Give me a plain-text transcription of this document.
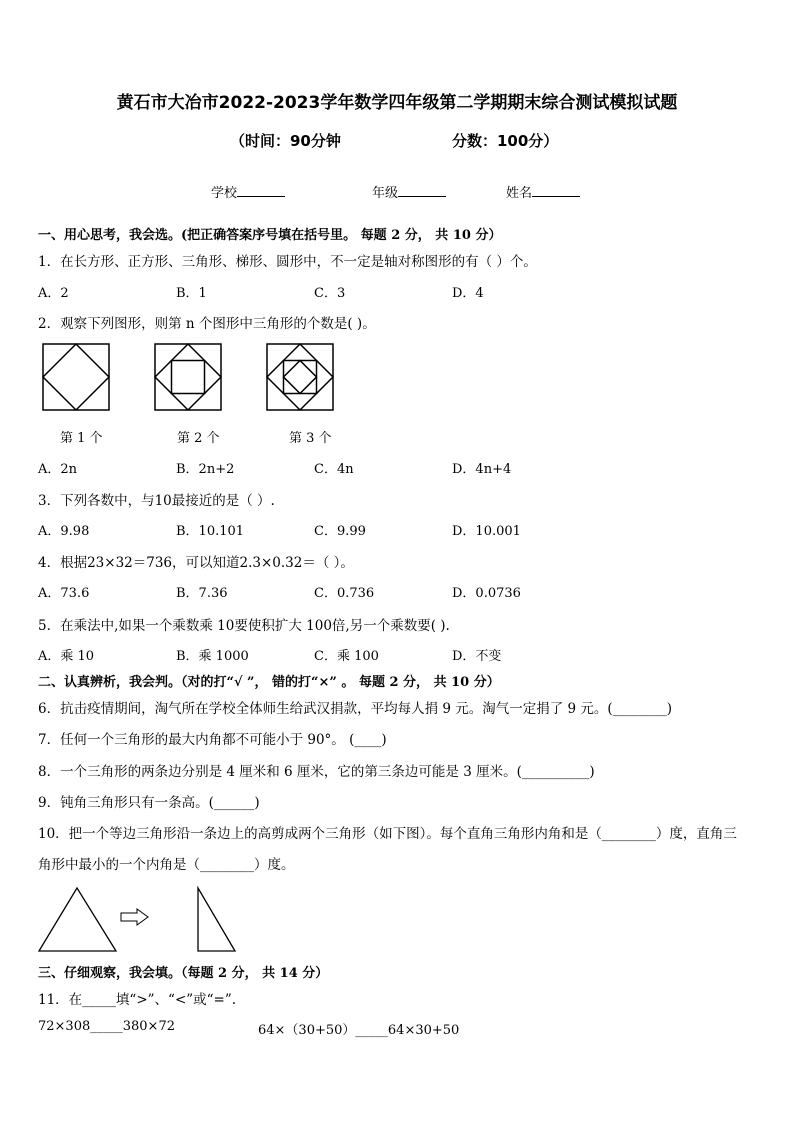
黄石市大冶市2022-2023学年数学四年级第二学期期末综合测试模拟试题
（时间：90分钟	分数：100分）
学校	年级	姓名
一、用心思考，我会选。(把正确答案序号填在括号里。 每题 2 分， 共 10 分）
1．在长方形、正方形、三角形、梯形、圆形中，不一定是轴对称图形的有（ ）个。
A．2	B．1	C．3	D．4
2．观察下列图形，则第 n 个图形中三角形的个数是( )。
第 1 个	第 2 个	第 3 个
A．2n	B．2n+2	C．4n	D．4n+4
3．下列各数中，与10最接近的是（ ）.
A．9.98	B．10.101	C．9.99	D．10.001
4．根据23×32＝736，可以知道2.3×0.32＝（ ）。
A．73.6	B．7.36	C．0.736	D．0.0736
5．在乘法中,如果一个乘数乘 10要使积扩大 100倍,另一个乘数要( ).
A．乘 10	B．乘 1000	C．乘 100	D．不变
二、认真辨析，我会判。（对的打“√ ”， 错的打“×” 。 每题 2 分， 共 10 分）
6．抗击疫情期间，淘气所在学校全体师生给武汉捐款，平均每人捐 9 元。淘气一定捐了 9 元。(________)
7．任何一个三角形的最大内角都不可能小于 90°。 (____)
8．一个三角形的两条边分别是 4 厘米和 6 厘米，它的第三条边可能是 3 厘米。(__________)
9．钝角三角形只有一条高。(______)
10．把一个等边三角形沿一条边上的高剪成两个三角形（如下图）。每个直角三角形内角和是（________）度，直角三
角形中最小的一个内角是（________）度。
三、仔细观察，我会填。（每题 2 分， 共 14 分）
11．在_____填“>”、“<”或“=”.
72×308_____380×72	64×（30+50）_____64×30+50
